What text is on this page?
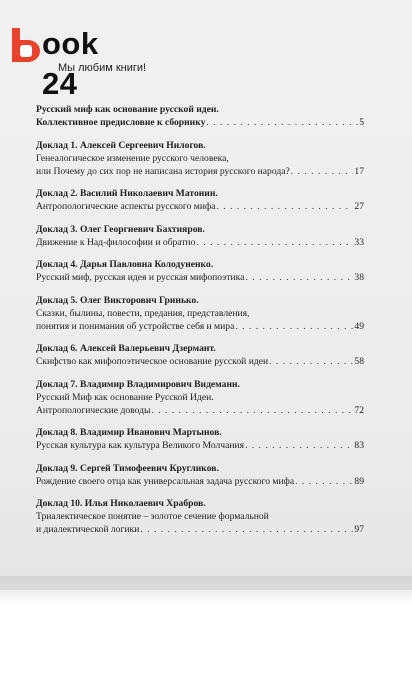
ook 24
Мы любим книги!
Русский миф как основание русской идеи.
Коллективное предисловие к сборнику . . .	5
Доклад 1. Алексей Сергеевич Нилогов.
Генеалогическое изменение русского человека,
или Почему до сих пор не написана история русского народа? . . .	17
Доклад 2. Василий Николаевич Матонин.
Антропологические аспекты русского мифа . . .	27
Доклад 3. Олег Георгиевич Бахтияров.
Движение к Над-философии и обратно . . .	33
Доклад 4. Дарья Павловна Колодуненко.
Русский миф, русская идея и русская мифопоэтика . . .	38
Доклад 5. Олег Викторович Гринько.
Сказки, былины, повести, предания, представления,
понятия и понимания об устройстве себя и мира . . .	49
Доклад 6. Алексей Валерьевич Дзермант.
Скифство как мифопоэтическое основание русской идеи . . .	58
Доклад 7. Владимир Владимирович Видеманн.
Русский Миф как основание Русской Идеи.
Антропологические доводы . . .	72
Доклад 8. Владимир Иванович Мартынов.
Русская культура как культура Великого Молчания . . .	83
Доклад 9. Сергей Тимофеевич Кругликов.
Рождение своего отца как универсальная задача русского мифа . . .	89
Доклад 10. Илья Николаевич Храбров.
Триалектическое понятие – золотое сечение формальной
и диалектической логики . . .	97
